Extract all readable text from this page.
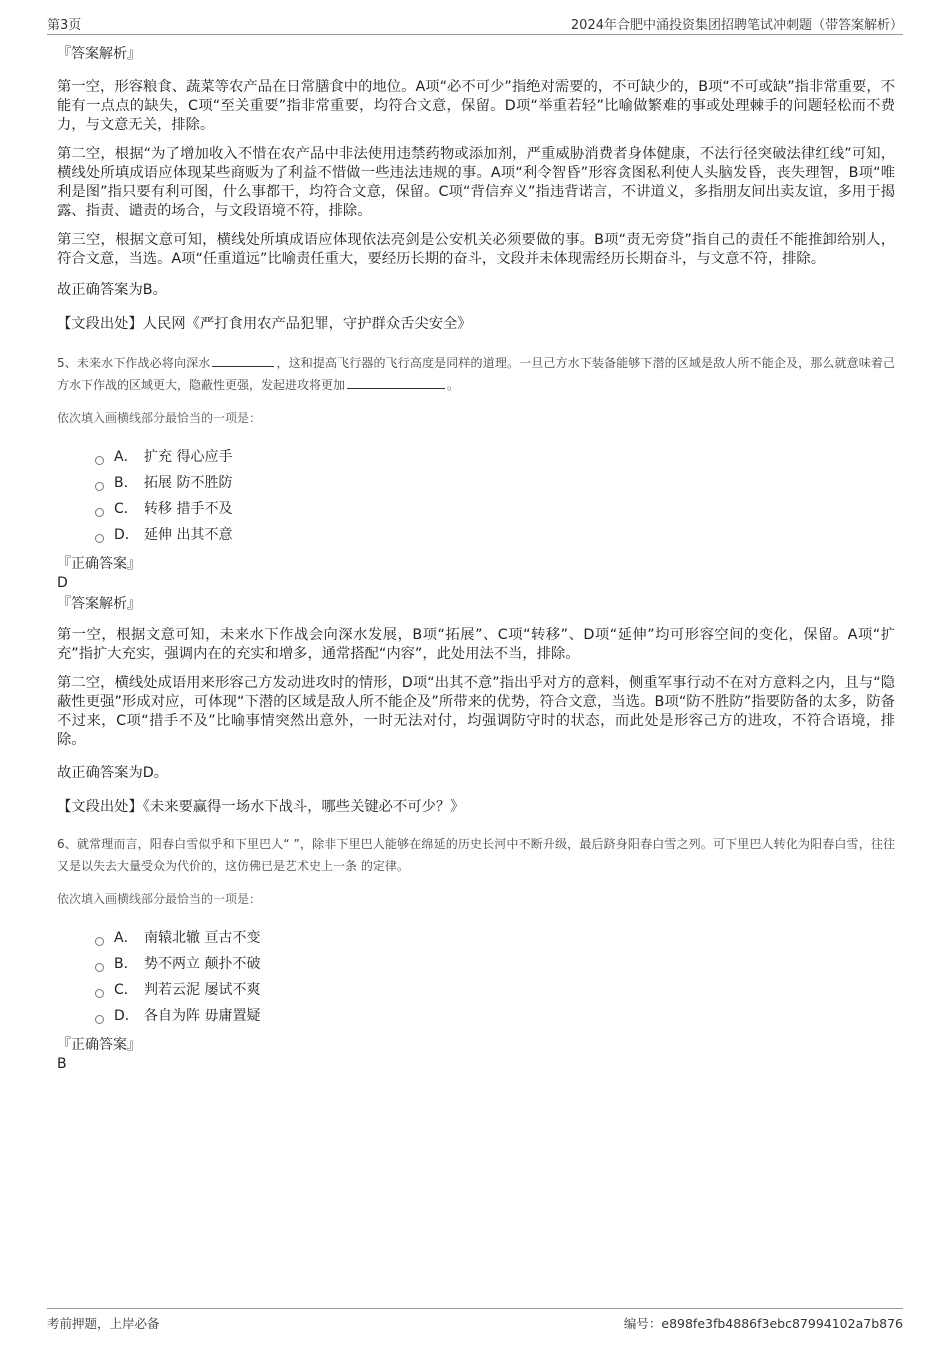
第3页	2024年合肥中涌投资集团招聘笔试冲刺题（带答案解析）

『答案解析』

第一空，形容粮食、蔬菜等农产品在日常膳食中的地位。A项“必不可少”指绝对需要的，不可缺少的，B项“不可或缺”指非常重要，不能有一点点的缺失，C项“至关重要”指非常重要，均符合文意，保留。D项“举重若轻”比喻做繁难的事或处理棘手的问题轻松而不费力，与文意无关，排除。

第二空，根据“为了增加收入不惜在农产品中非法使用违禁药物或添加剂，严重威胁消费者身体健康，不法行径突破法律红线”可知，横线处所填成语应体现某些商贩为了利益不惜做一些违法违规的事。A项“利令智昏”形容贪图私利使人头脑发昏，丧失理智，B项“唯利是图”指只要有利可图，什么事都干，均符合文意，保留。C项“背信弃义”指违背诺言，不讲道义，多指朋友间出卖友谊，多用于揭露、指责、谴责的场合，与文段语境不符，排除。

第三空，根据文意可知，横线处所填成语应体现依法亮剑是公安机关必须要做的事。B项“责无旁贷”指自己的责任不能推卸给别人，符合文意，当选。A项“任重道远”比喻责任重大，要经历长期的奋斗，文段并未体现需经历长期奋斗，与文意不符，排除。

故正确答案为B。

【文段出处】人民网《严打食用农产品犯罪，守护群众舌尖安全》

5、未来水下作战必将向深水	，这和提高飞行器的飞行高度是同样的道理。一旦己方水下装备能够下潜的区域是敌人所不能企及，那么就意味着己方水下作战的区域更大，隐蔽性更强，发起进攻将更加	。

依次填入画横线部分最恰当的一项是：

A． 扩充 得心应手
B． 拓展 防不胜防
C． 转移 措手不及
D． 延伸 出其不意

『正确答案』

D

『答案解析』

第一空，根据文意可知，未来水下作战会向深水发展，B项“拓展”、C项“转移”、D项“延伸”均可形容空间的变化，保留。A项“扩充”指扩大充实，强调内在的充实和增多，通常搭配“内容”，此处用法不当，排除。

第二空，横线处成语用来形容己方发动进攻时的情形，D项“出其不意”指出乎对方的意料，侧重军事行动不在对方意料之内，且与“隐蔽性更强”形成对应，可体现“下潜的区域是敌人所不能企及”所带来的优势，符合文意，当选。B项“防不胜防”指要防备的太多，防备不过来，C项“措手不及”比喻事情突然出意外，一时无法对付，均强调防守时的状态，而此处是形容己方的进攻，不符合语境，排除。

故正确答案为D。

【文段出处】《未来要赢得一场水下战斗，哪些关键必不可少？》

6、就常理而言，阳春白雪似乎和下里巴人“ ”，除非下里巴人能够在绵延的历史长河中不断升级，最后跻身阳春白雪之列。可下里巴人转化为阳春白雪，往往又是以失去大量受众为代价的，这仿佛已是艺术史上一条 的定律。

依次填入画横线部分最恰当的一项是：

A． 南辕北辙 亘古不变
B． 势不两立 颠扑不破
C． 判若云泥 屡试不爽
D． 各自为阵 毋庸置疑

『正确答案』

B

考前押题，上岸必备	编号：e898fe3fb4886f3ebc87994102a7b876
